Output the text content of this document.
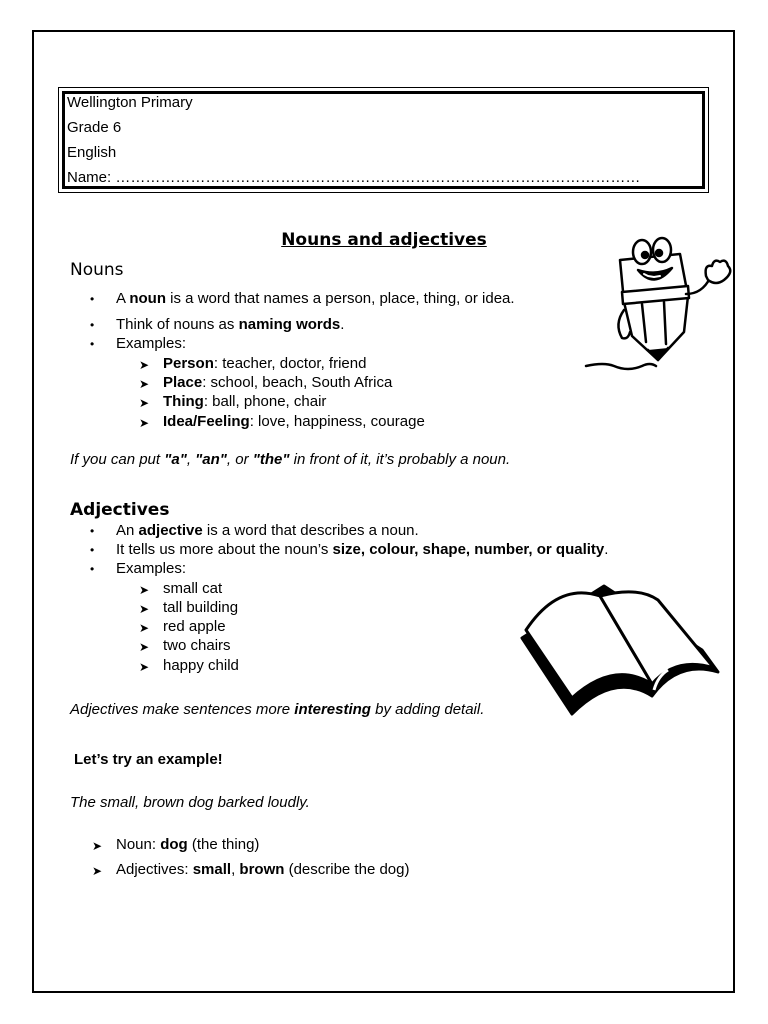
Wellington Primary
Grade 6
English
Name: ……………………………………………………………………………………………
Nouns and adjectives
Nouns
• A noun is a word that names a person, place, thing, or idea.
• Think of nouns as naming words.
• Examples:
➤ Person: teacher, doctor, friend
➤ Place: school, beach, South Africa
➤ Thing: ball, phone, chair
➤ Idea/Feeling: love, happiness, courage
If you can put "a", "an", or "the" in front of it, it’s probably a noun.
Adjectives
• An adjective is a word that describes a noun.
• It tells us more about the noun’s size, colour, shape, number, or quality.
• Examples:
➤ small cat
➤ tall building
➤ red apple
➤ two chairs
➤ happy child
Adjectives make sentences more interesting by adding detail.
Let’s try an example!
The small, brown dog barked loudly.
➤ Noun: dog (the thing)
➤ Adjectives: small, brown (describe the dog)
